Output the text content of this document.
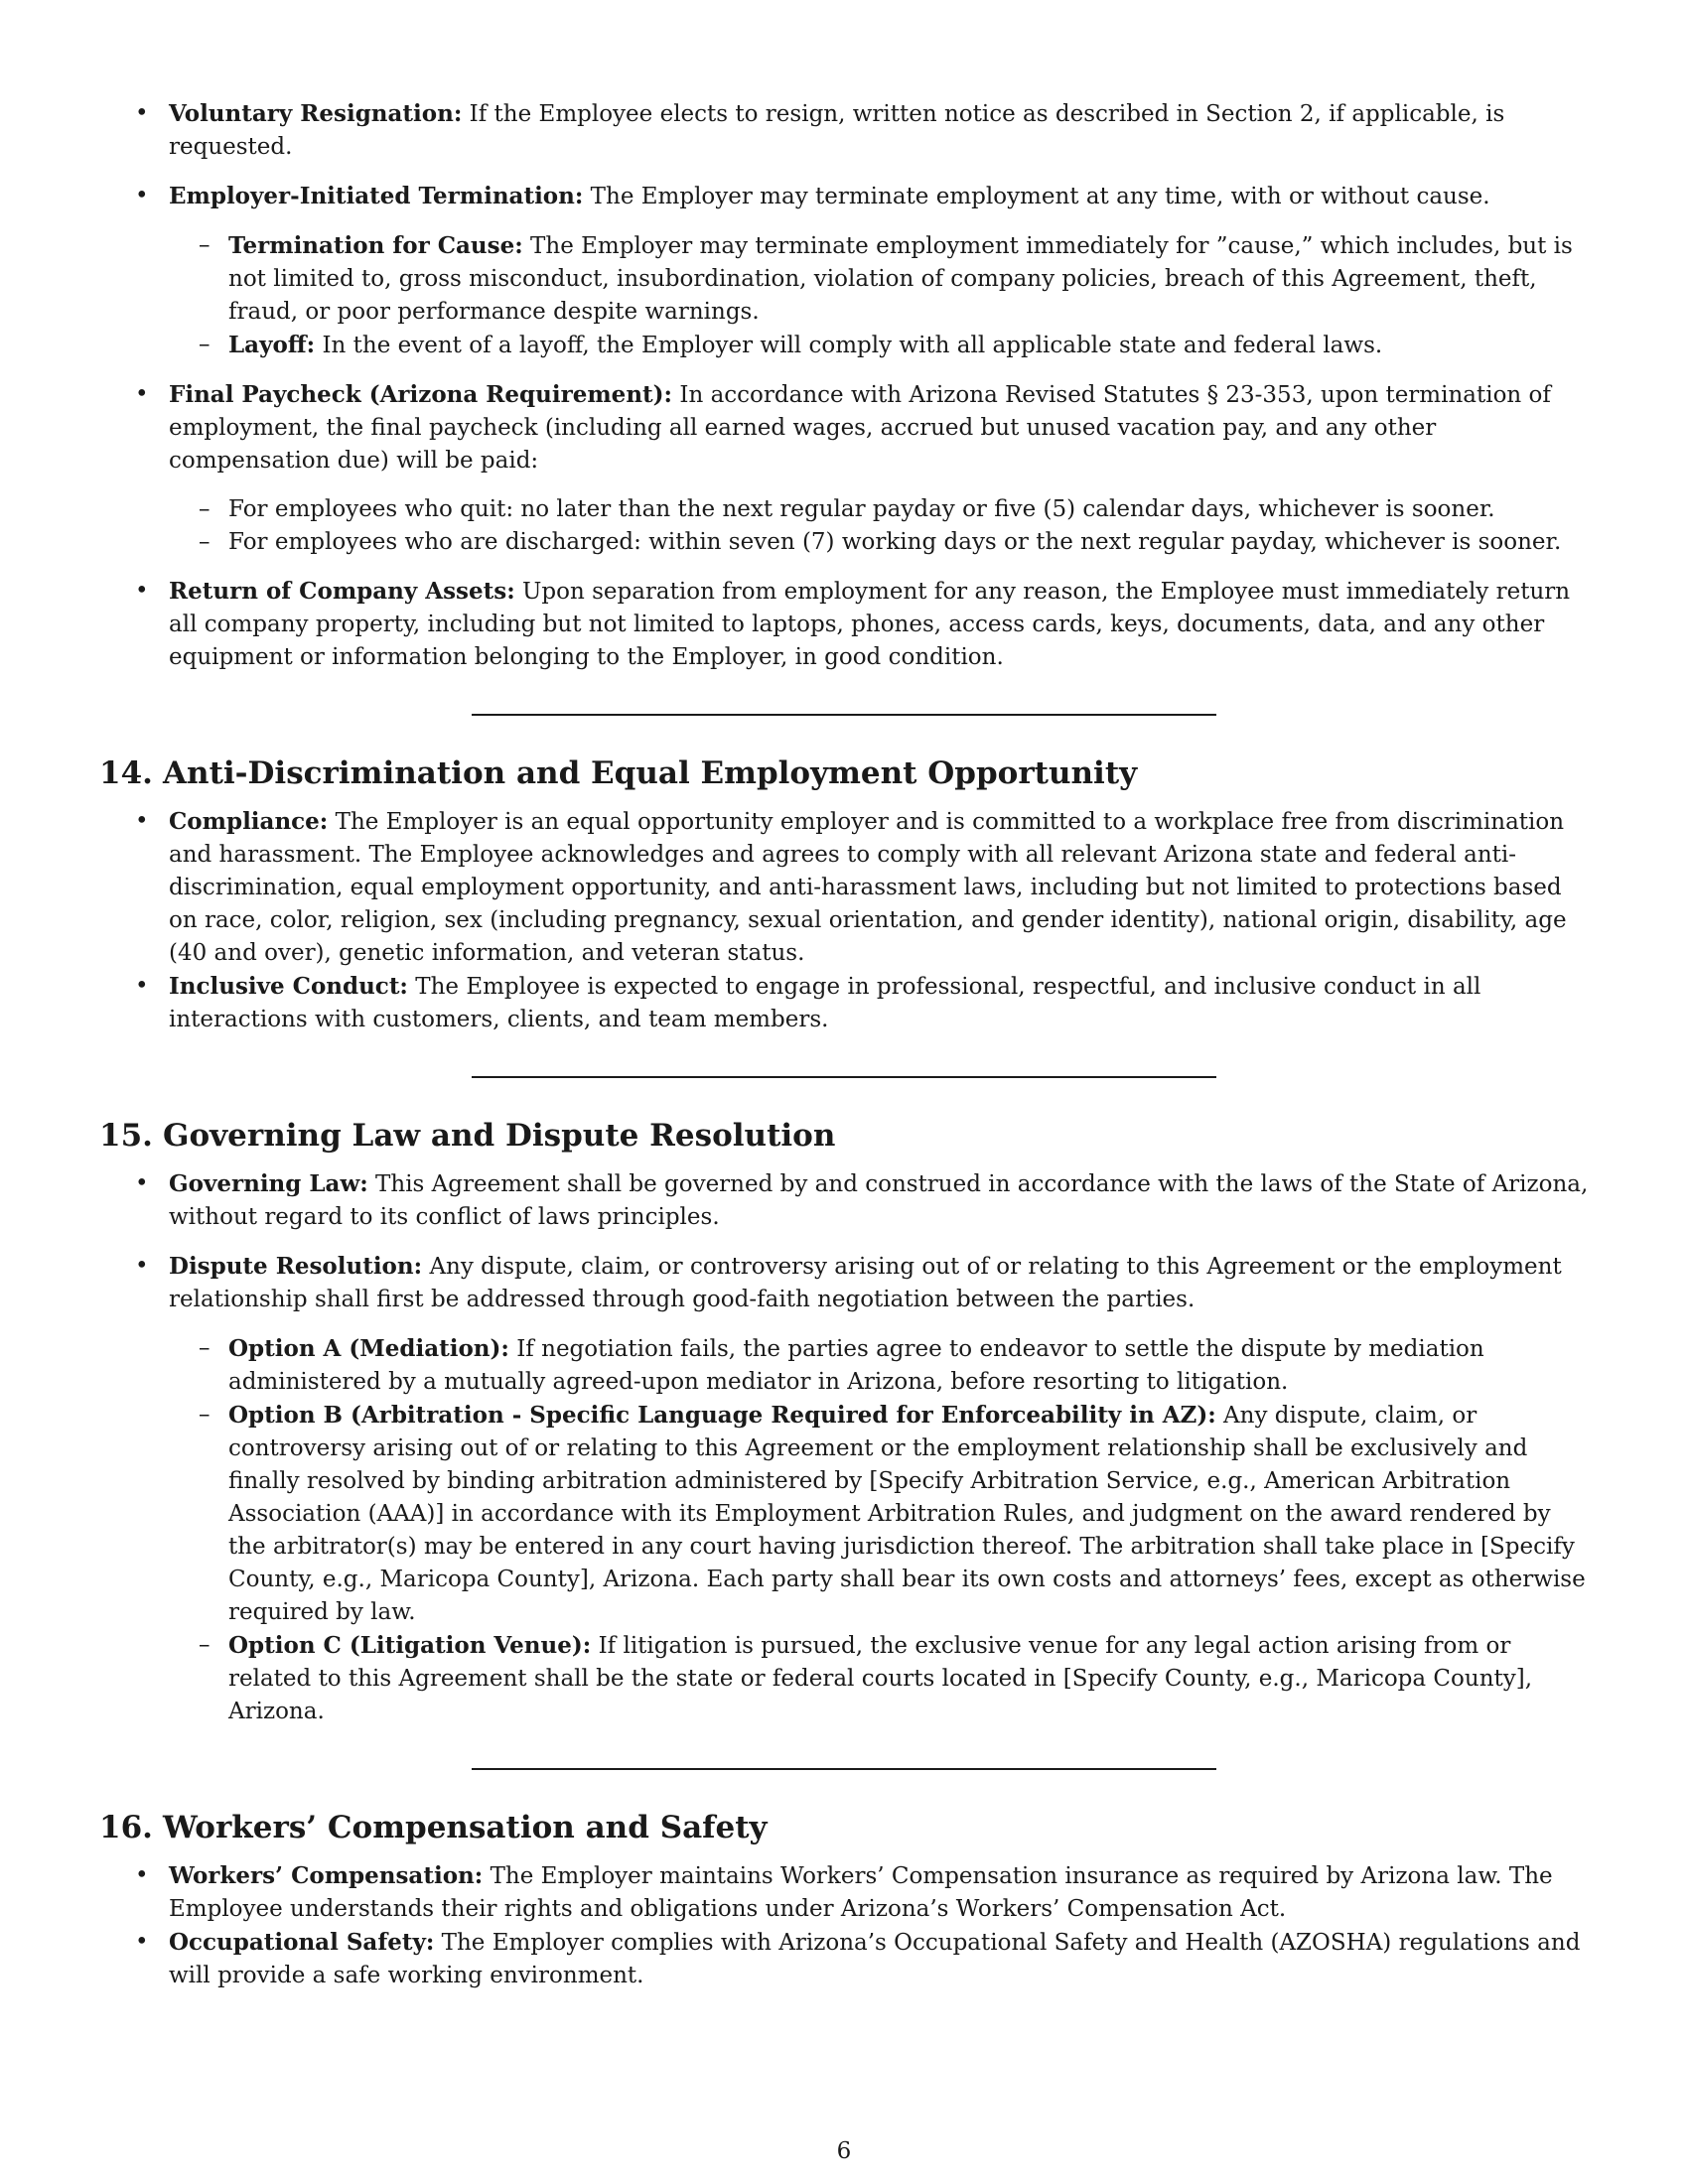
• Voluntary Resignation: If the Employee elects to resign, written notice as described in Section 2, if applicable, is requested.
• Employer-Initiated Termination: The Employer may terminate employment at any time, with or without cause.
– Termination for Cause: The Employer may terminate employment immediately for ”cause,” which includes, but is not limited to, gross misconduct, insubordination, violation of company policies, breach of this Agreement, theft, fraud, or poor performance despite warnings.
– Layoff: In the event of a layoff, the Employer will comply with all applicable state and federal laws.
• Final Paycheck (Arizona Requirement): In accordance with Arizona Revised Statutes § 23-353, upon termination of employment, the final paycheck (including all earned wages, accrued but unused vacation pay, and any other compensation due) will be paid:
– For employees who quit: no later than the next regular payday or five (5) calendar days, whichever is sooner.
– For employees who are discharged: within seven (7) working days or the next regular payday, whichever is sooner.
• Return of Company Assets: Upon separation from employment for any reason, the Employee must immediately return all company property, including but not limited to laptops, phones, access cards, keys, documents, data, and any other equipment or information belonging to the Employer, in good condition.
14. Anti-Discrimination and Equal Employment Opportunity
• Compliance: The Employer is an equal opportunity employer and is committed to a workplace free from discrimination and harassment. The Employee acknowledges and agrees to comply with all relevant Arizona state and federal anti-discrimination, equal employment opportunity, and anti-harassment laws, including but not limited to protections based on race, color, religion, sex (including pregnancy, sexual orientation, and gender identity), national origin, disability, age (40 and over), genetic information, and veteran status.
• Inclusive Conduct: The Employee is expected to engage in professional, respectful, and inclusive conduct in all interactions with customers, clients, and team members.
15. Governing Law and Dispute Resolution
• Governing Law: This Agreement shall be governed by and construed in accordance with the laws of the State of Arizona, without regard to its conflict of laws principles.
• Dispute Resolution: Any dispute, claim, or controversy arising out of or relating to this Agreement or the employment relationship shall first be addressed through good-faith negotiation between the parties.
– Option A (Mediation): If negotiation fails, the parties agree to endeavor to settle the dispute by mediation administered by a mutually agreed-upon mediator in Arizona, before resorting to litigation.
– Option B (Arbitration - Specific Language Required for Enforceability in AZ): Any dispute, claim, or controversy arising out of or relating to this Agreement or the employment relationship shall be exclusively and finally resolved by binding arbitration administered by [Specify Arbitration Service, e.g., American Arbitration Association (AAA)] in accordance with its Employment Arbitration Rules, and judgment on the award rendered by the arbitrator(s) may be entered in any court having jurisdiction thereof. The arbitration shall take place in [Specify County, e.g., Maricopa County], Arizona. Each party shall bear its own costs and attorneys’ fees, except as otherwise required by law.
– Option C (Litigation Venue): If litigation is pursued, the exclusive venue for any legal action arising from or related to this Agreement shall be the state or federal courts located in [Specify County, e.g., Maricopa County], Arizona.
16. Workers’ Compensation and Safety
• Workers’ Compensation: The Employer maintains Workers’ Compensation insurance as required by Arizona law. The Employee understands their rights and obligations under Arizona’s Workers’ Compensation Act.
• Occupational Safety: The Employer complies with Arizona’s Occupational Safety and Health (AZOSHA) regulations and will provide a safe working environment.
6
